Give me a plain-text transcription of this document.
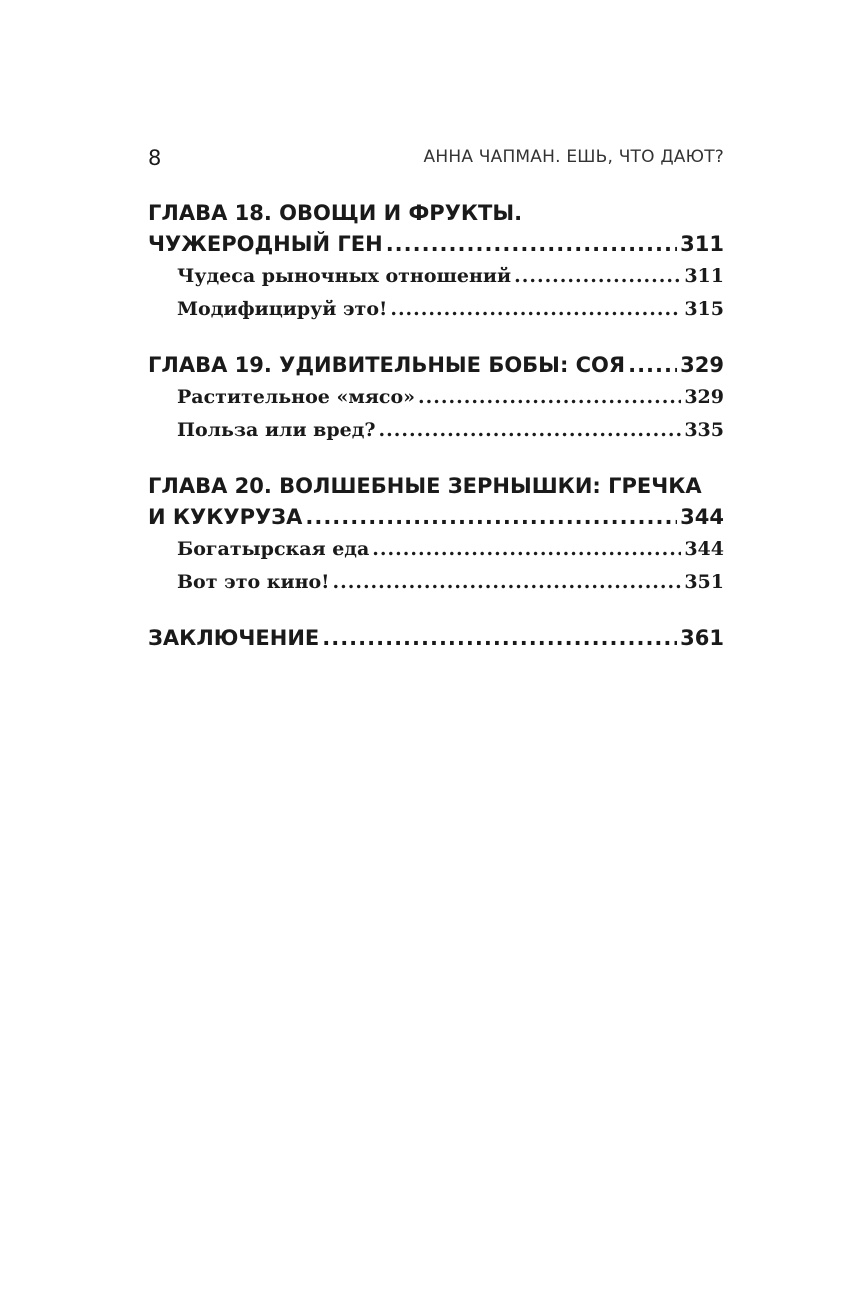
8	АННА ЧАПМАН. ЕШЬ, ЧТО ДАЮТ?
ГЛАВА 18. ОВОЩИ И ФРУКТЫ.
ЧУЖЕРОДНЫЙ ГЕН .....	311
Чудеса рыночных отношений .....	311
Модифицируй это! .....	315
ГЛАВА 19. УДИВИТЕЛЬНЫЕ БОБЫ: СОЯ .....	329
Растительное «мясо» .....	329
Польза или вред? .....	335
ГЛАВА 20. ВОЛШЕБНЫЕ ЗЕРНЫШКИ: ГРЕЧКА
И КУКУРУЗА .....	344
Богатырская еда .....	344
Вот это кино! .....	351
ЗАКЛЮЧЕНИЕ .....	361
